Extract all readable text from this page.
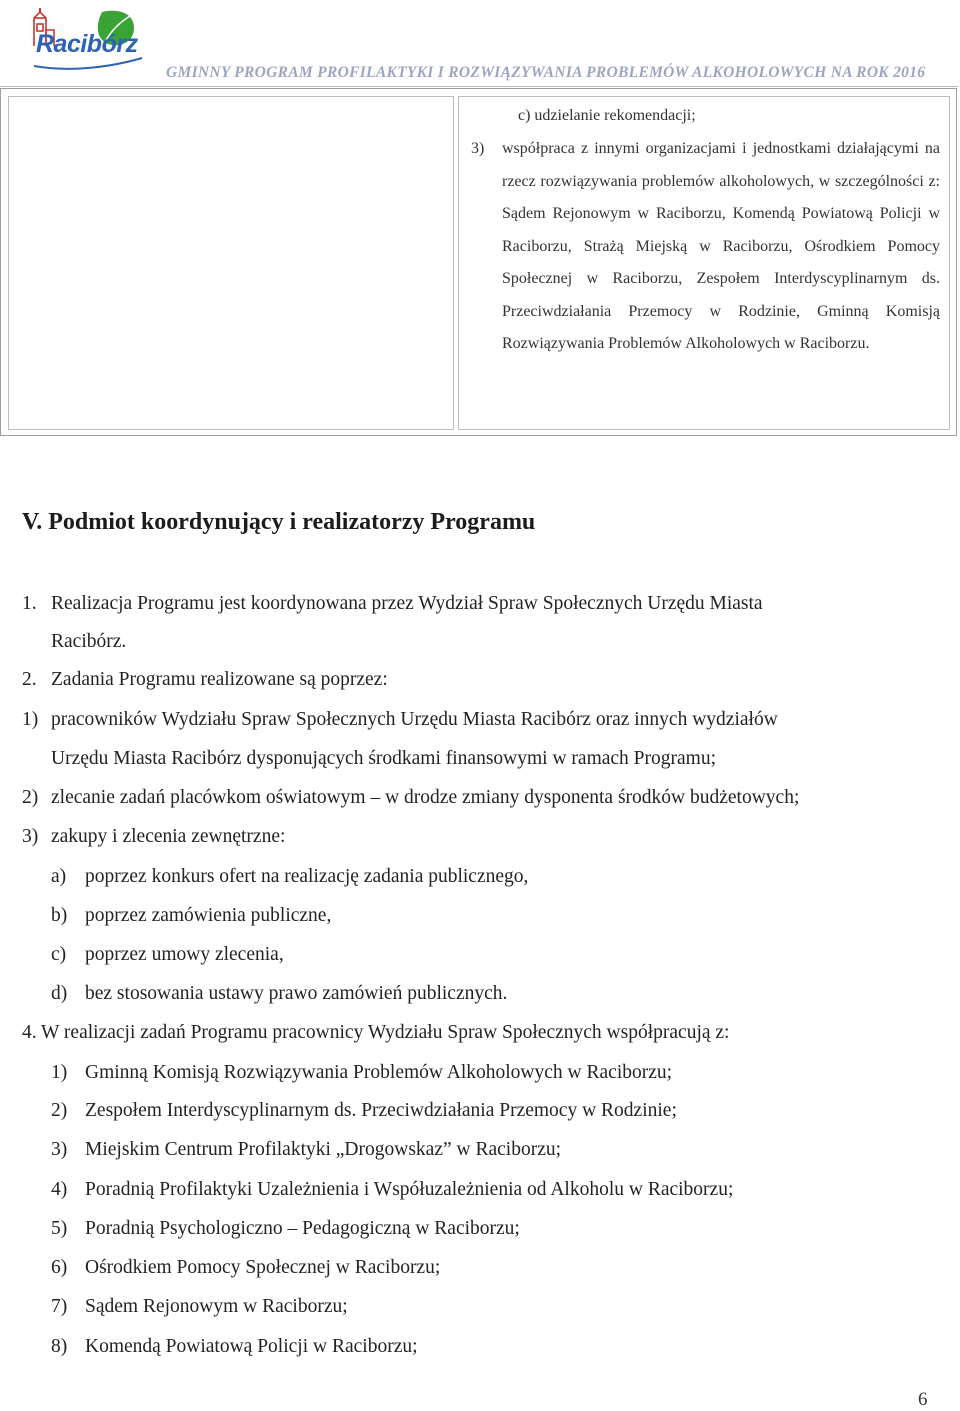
Racibórz
GMINNY PROGRAM PROFILAKTYKI I ROZWIĄZYWANIA PROBLEMÓW ALKOHOLOWYCH NA ROK 2016
c) udzielanie rekomendacji;
3)	współpraca z innymi organizacjami i jednostkami działającymi na rzecz rozwiązywania problemów alkoholowych, w szczególności z: Sądem Rejonowym w Raciborzu, Komendą Powiatową Policji w Raciborzu, Strażą Miejską w Raciborzu, Ośrodkiem Pomocy Społecznej w Raciborzu, Zespołem Interdyscyplinarnym ds. Przeciwdziałania Przemocy w Rodzinie, Gminną Komisją Rozwiązywania Problemów Alkoholowych w Raciborzu.
V. Podmiot koordynujący i realizatorzy Programu
1. Realizacja Programu jest koordynowana przez Wydział Spraw Społecznych Urzędu Miasta
Racibórz.
2. Zadania Programu realizowane są poprzez:
1) pracowników Wydziału Spraw Społecznych Urzędu Miasta Racibórz oraz innych wydziałów
Urzędu Miasta Racibórz dysponujących środkami finansowymi w ramach Programu;
2) zlecanie zadań placówkom oświatowym – w drodze zmiany dysponenta środków budżetowych;
3) zakupy i zlecenia zewnętrzne:
a) poprzez konkurs ofert na realizację zadania publicznego,
b) poprzez zamówienia publiczne,
c) poprzez umowy zlecenia,
d) bez stosowania ustawy prawo zamówień publicznych.
4. W realizacji zadań Programu pracownicy Wydziału Spraw Społecznych współpracują z:
1) Gminną Komisją Rozwiązywania Problemów Alkoholowych w Raciborzu;
2) Zespołem Interdyscyplinarnym ds. Przeciwdziałania Przemocy w Rodzinie;
3) Miejskim Centrum Profilaktyki „Drogowskaz” w Raciborzu;
4) Poradnią Profilaktyki Uzależnienia i Współuzależnienia od Alkoholu w Raciborzu;
5) Poradnią Psychologiczno – Pedagogiczną w Raciborzu;
6) Ośrodkiem Pomocy Społecznej w Raciborzu;
7) Sądem Rejonowym w Raciborzu;
8) Komendą Powiatową Policji w Raciborzu;
6
